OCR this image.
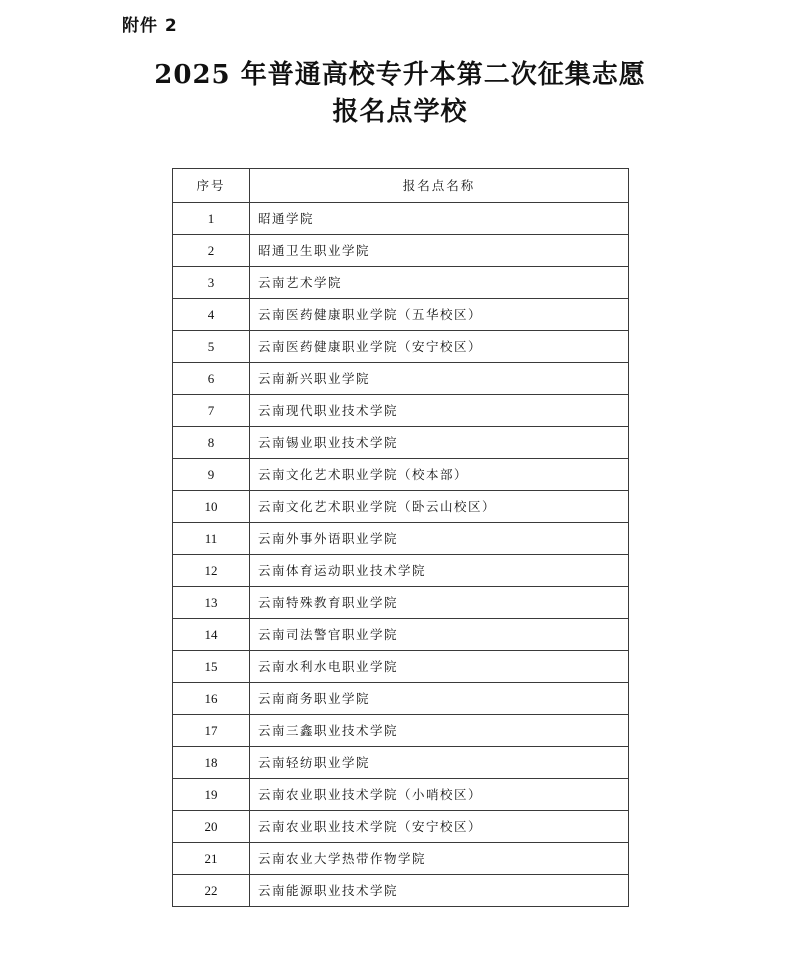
附件 2
2025 年普通高校专升本第二次征集志愿
报名点学校
序号	报名点名称
1	昭通学院
2	昭通卫生职业学院
3	云南艺术学院
4	云南医药健康职业学院（五华校区）
5	云南医药健康职业学院（安宁校区）
6	云南新兴职业学院
7	云南现代职业技术学院
8	云南锡业职业技术学院
9	云南文化艺术职业学院（校本部）
10	云南文化艺术职业学院（卧云山校区）
11	云南外事外语职业学院
12	云南体育运动职业技术学院
13	云南特殊教育职业学院
14	云南司法警官职业学院
15	云南水利水电职业学院
16	云南商务职业学院
17	云南三鑫职业技术学院
18	云南轻纺职业学院
19	云南农业职业技术学院（小哨校区）
20	云南农业职业技术学院（安宁校区）
21	云南农业大学热带作物学院
22	云南能源职业技术学院
